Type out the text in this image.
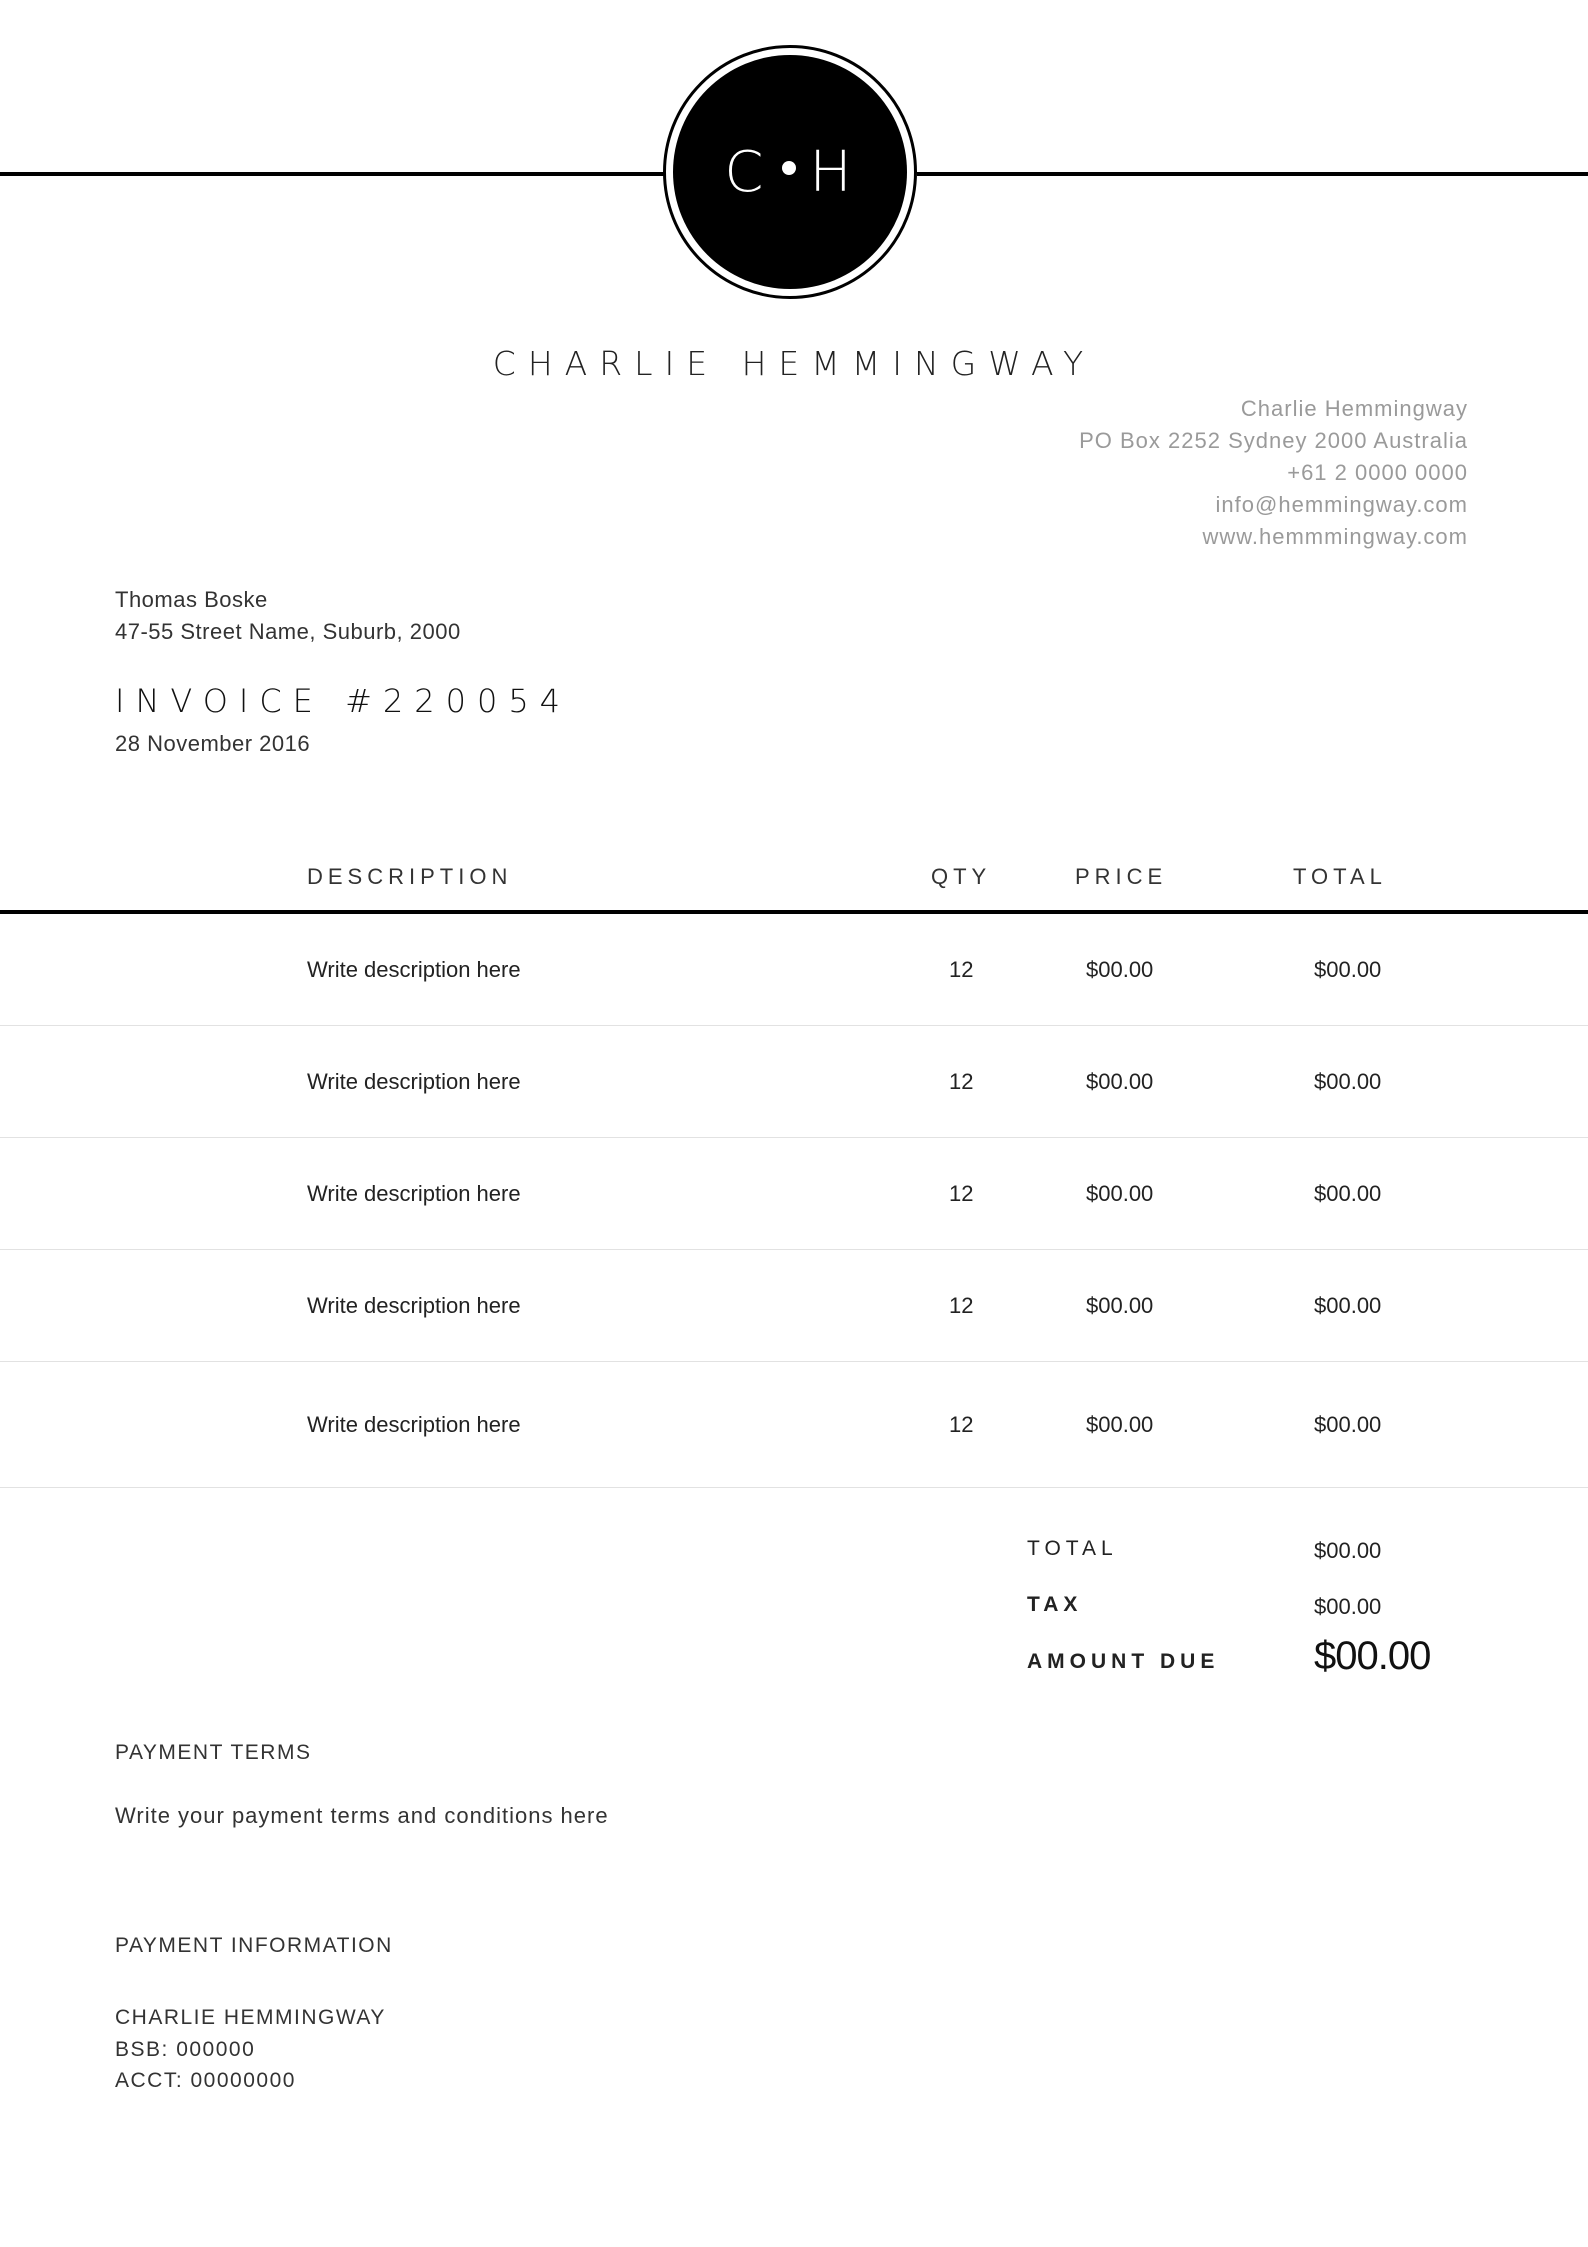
C H
CHARLIE HEMMINGWAY
Charlie Hemmingway
PO Box 2252 Sydney 2000 Australia
+61 2 0000 0000
info@hemmingway.com
www.hemmmingway.com
Thomas Boske
47-55 Street Name, Suburb, 2000
INVOICE #220054
28 November 2016
DESCRIPTION	QTY	PRICE	TOTAL
Write description here	12	$00.00	$00.00
Write description here	12	$00.00	$00.00
Write description here	12	$00.00	$00.00
Write description here	12	$00.00	$00.00
Write description here	12	$00.00	$00.00
TOTAL	$00.00
TAX	$00.00
AMOUNT DUE $00.00
PAYMENT TERMS
Write your payment terms and conditions here
PAYMENT INFORMATION
CHARLIE HEMMINGWAY
BSB: 000000
ACCT: 00000000
